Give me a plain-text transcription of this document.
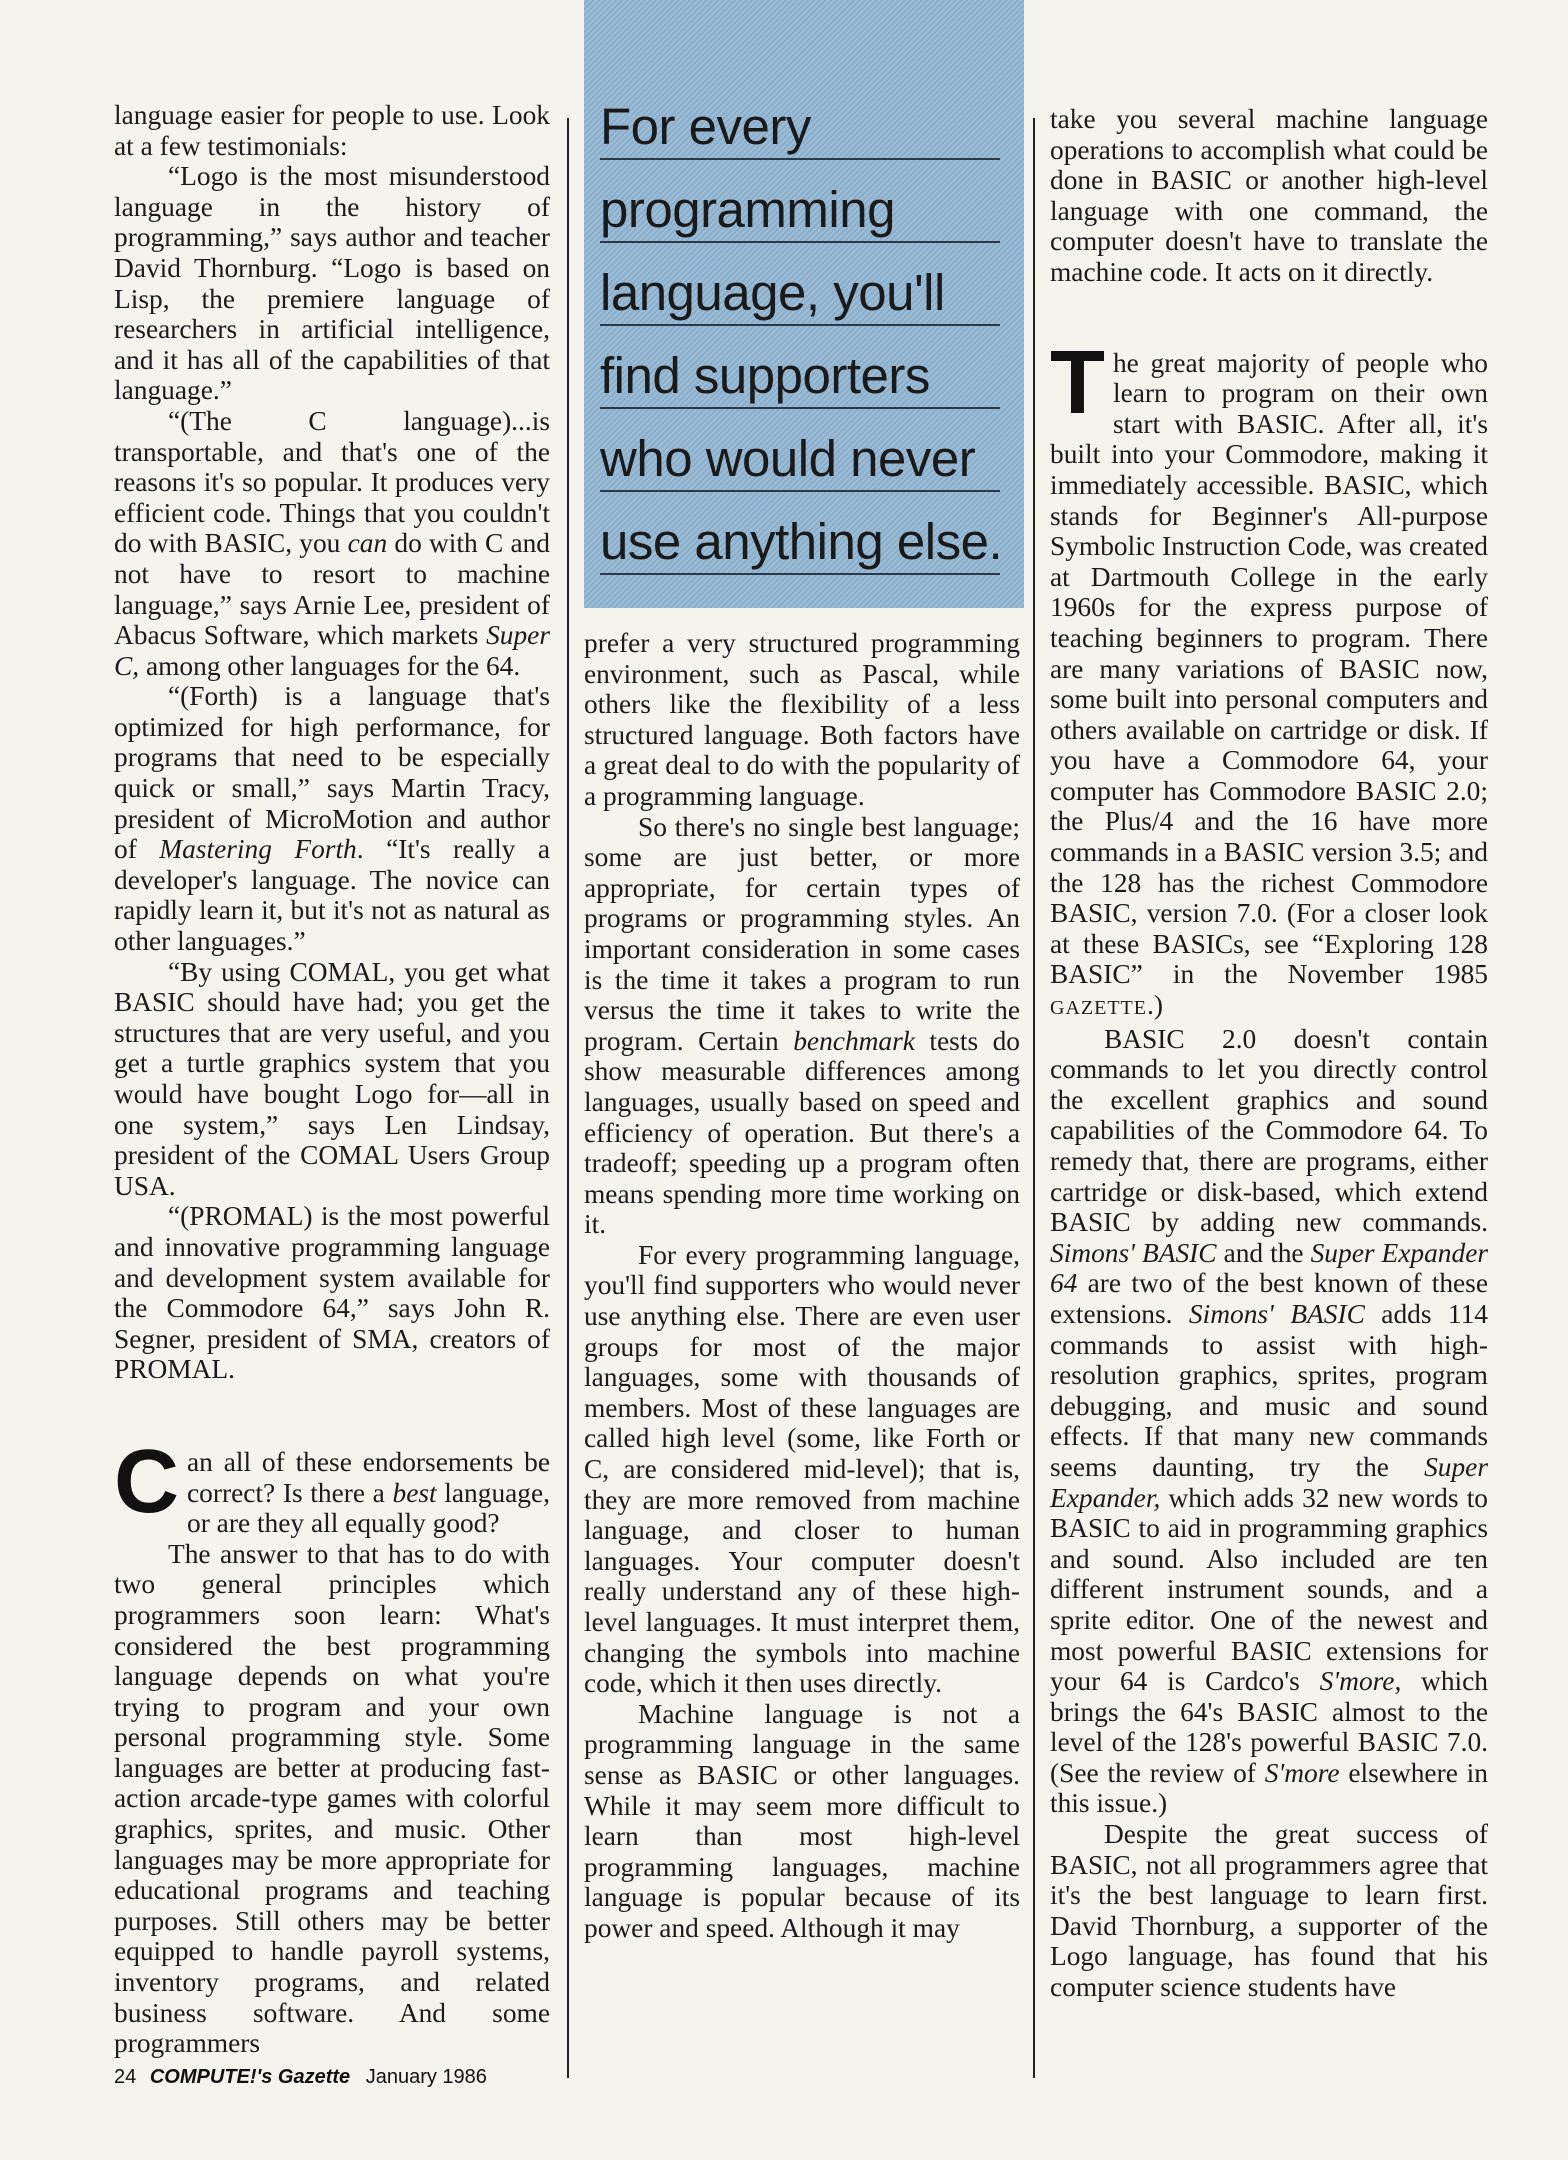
For every
programming
language, you'll
find supporters
who would never
use anything else.

language easier for people to use. Look at a few testimonials:

“Logo is the most misunderstood language in the history of programming,” says author and teacher David Thornburg. “Logo is based on Lisp, the premiere language of researchers in artificial intelligence, and it has all of the capabilities of that language.”

“(The C language)...is transportable, and that's one of the reasons it's so popular. It produces very efficient code. Things that you couldn't do with BASIC, you can do with C and not have to resort to machine language,” says Arnie Lee, president of Abacus Software, which markets Super C, among other languages for the 64.

“(Forth) is a language that's optimized for high performance, for programs that need to be especially quick or small,” says Martin Tracy, president of MicroMotion and author of Mastering Forth. “It's really a developer's language. The novice can rapidly learn it, but it's not as natural as other languages.”

“By using COMAL, you get what BASIC should have had; you get the structures that are very useful, and you get a turtle graphics system that you would have bought Logo for—all in one system,” says Len Lindsay, president of the COMAL Users Group USA.

“(PROMAL) is the most powerful and innovative programming language and development system available for the Commodore 64,” says John R. Segner, president of SMA, creators of PROMAL.

Can all of these endorsements be correct? Is there a best language, or are they all equally good?

The answer to that has to do with two general principles which programmers soon learn: What's considered the best programming language depends on what you're trying to program and your own personal programming style. Some languages are better at producing fast-action arcade-type games with colorful graphics, sprites, and music. Other languages may be more appropriate for educational programs and teaching purposes. Still others may be better equipped to handle payroll systems, inventory programs, and related business software. And some programmers

prefer a very structured programming environment, such as Pascal, while others like the flexibility of a less structured language. Both factors have a great deal to do with the popularity of a programming language.

So there's no single best language; some are just better, or more appropriate, for certain types of programs or programming styles. An important consideration in some cases is the time it takes a program to run versus the time it takes to write the program. Certain benchmark tests do show measurable differences among languages, usually based on speed and efficiency of operation. But there's a tradeoff; speeding up a program often means spending more time working on it.

For every programming language, you'll find supporters who would never use anything else. There are even user groups for most of the major languages, some with thousands of members. Most of these languages are called high level (some, like Forth or C, are considered mid-level); that is, they are more removed from machine language, and closer to human languages. Your computer doesn't really understand any of these high-level languages. It must interpret them, changing the symbols into machine code, which it then uses directly.

Machine language is not a programming language in the same sense as BASIC or other languages. While it may seem more difficult to learn than most high-level programming languages, machine language is popular because of its power and speed. Although it may

take you several machine language operations to accomplish what could be done in BASIC or another high-level language with one command, the computer doesn't have to translate the machine code. It acts on it directly.

The great majority of people who learn to program on their own start with BASIC. After all, it's built into your Commodore, making it immediately accessible. BASIC, which stands for Beginner's All-purpose Symbolic Instruction Code, was created at Dartmouth College in the early 1960s for the express purpose of teaching beginners to program. There are many variations of BASIC now, some built into personal computers and others available on cartridge or disk. If you have a Commodore 64, your computer has Commodore BASIC 2.0; the Plus/4 and the 16 have more commands in a BASIC version 3.5; and the 128 has the richest Commodore BASIC, version 7.0. (For a closer look at these BASICs, see “Exploring 128 BASIC” in the November 1985 GAZETTE.)

BASIC 2.0 doesn't contain commands to let you directly control the excellent graphics and sound capabilities of the Commodore 64. To remedy that, there are programs, either cartridge or disk-based, which extend BASIC by adding new commands. Simons' BASIC and the Super Expander 64 are two of the best known of these extensions. Simons' BASIC adds 114 commands to assist with high-resolution graphics, sprites, program debugging, and music and sound effects. If that many new commands seems daunting, try the Super Expander, which adds 32 new words to BASIC to aid in programming graphics and sound. Also included are ten different instrument sounds, and a sprite editor. One of the newest and most powerful BASIC extensions for your 64 is Cardco's S'more, which brings the 64's BASIC almost to the level of the 128's powerful BASIC 7.0. (See the review of S'more elsewhere in this issue.)

Despite the great success of BASIC, not all programmers agree that it's the best language to learn first. David Thornburg, a supporter of the Logo language, has found that his computer science students have

24 COMPUTE!'s Gazette January 1986
